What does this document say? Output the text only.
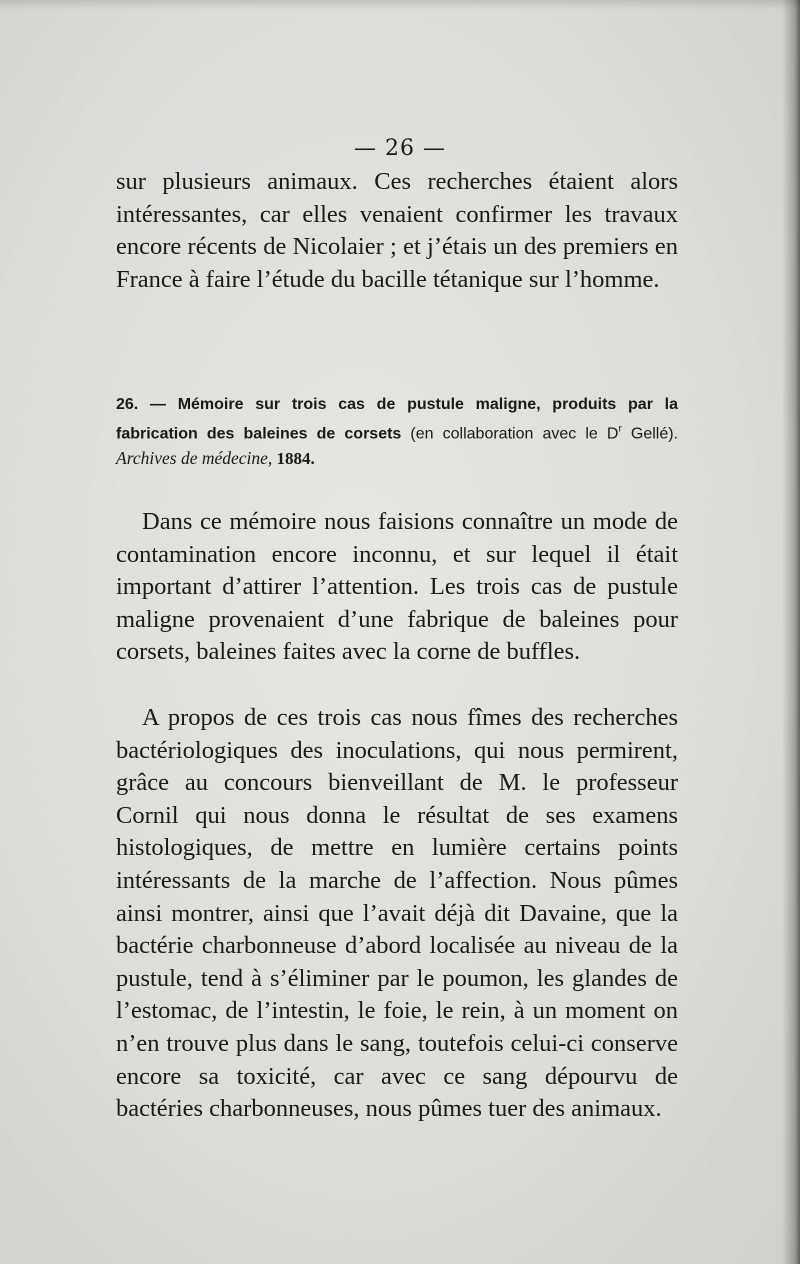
— 26 —

sur plusieurs animaux. Ces recherches étaient alors intéressantes, car elles venaient confirmer les travaux encore récents de Nicolaier ; et j’étais un des premiers en France à faire l’étude du bacille tétanique sur l’homme.

26. — Mémoire sur trois cas de pustule maligne, produits par la fabrication des baleines de corsets (en collaboration avec le $D^r$ Gellé). Archives de médecine, 1884.

Dans ce mémoire nous faisions connaître un mode de contamination encore inconnu, et sur lequel il était important d’attirer l’attention. Les trois cas de pustule maligne provenaient d’une fabrique de baleines pour corsets, baleines faites avec la corne de buffles.

A propos de ces trois cas nous fîmes des recherches bactériologiques des inoculations, qui nous permirent, grâce au concours bienveillant de M. le professeur Cornil qui nous donna le résultat de ses examens histologiques, de mettre en lumière certains points intéressants de la marche de l’affection. Nous pûmes ainsi montrer, ainsi que l’avait déjà dit Davaine, que la bactérie charbonneuse d’abord localisée au niveau de la pustule, tend à s’éliminer par le poumon, les glandes de l’estomac, de l’intestin, le foie, le rein, à un moment on n’en trouve plus dans le sang, toutefois celui-ci conserve encore sa toxicité, car avec ce sang dépourvu de bactéries charbonneuses, nous pûmes tuer des animaux.
